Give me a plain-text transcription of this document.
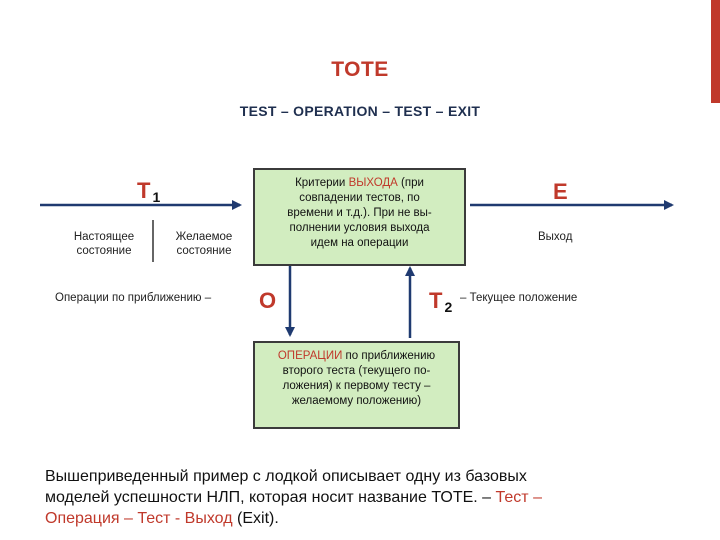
TOTE
TEST – OPERATION – TEST – EXIT
T $_1$	E
O	T $_2$
Настоящее
состояние
Желаемое
состояние
Выход
Операции по приближению –	– Текущее положение
Критерии ВЫХОДА (при
совпадении тестов, по
времени и т.д.). При не вы-
полнении условия выхода
идем на операции
ОПЕРАЦИИ по приближению
второго теста (текущего по-
ложения) к первому тесту –
желаемому положению)
Вышеприведенный пример с лодкой описывает одну из базовых
моделей успешности НЛП, которая носит название ТОТЕ. – Тест –
Операция – Тест - Выход (Exit).
